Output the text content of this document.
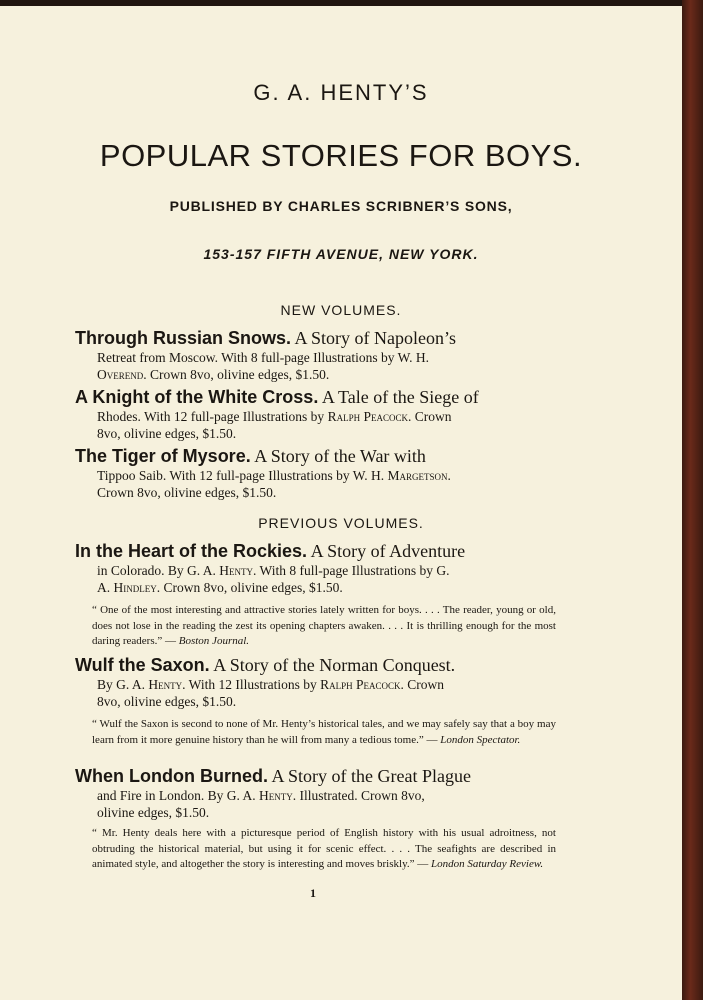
G. A. HENTY’S
POPULAR STORIES FOR BOYS.
PUBLISHED BY CHARLES SCRIBNER’S SONS,
153-157 FIFTH AVENUE, NEW YORK.
NEW VOLUMES.
Through Russian Snows. A Story of Napoleon’s
Retreat from Moscow. With 8 full-page Illustrations by W. H.
Overend. Crown 8vo, olivine edges, $1.50.
A Knight of the White Cross. A Tale of the Siege of
Rhodes. With 12 full-page Illustrations by Ralph Peacock. Crown
8vo, olivine edges, $1.50.
The Tiger of Mysore. A Story of the War with
Tippoo Saib. With 12 full-page Illustrations by W. H. Margetson.
Crown 8vo, olivine edges, $1.50.
PREVIOUS VOLUMES.
In the Heart of the Rockies. A Story of Adventure
in Colorado. By G. A. Henty. With 8 full-page Illustrations by G.
A. Hindley. Crown 8vo, olivine edges, $1.50.
“ One of the most interesting and attractive stories lately written for boys. . . . The reader, young or old, does not lose in the reading the zest its opening chapters awaken. . . . It is thrilling enough for the most daring readers.” — Boston Journal.
Wulf the Saxon. A Story of the Norman Conquest.
By G. A. Henty. With 12 Illustrations by Ralph Peacock. Crown
8vo, olivine edges, $1.50.
“ Wulf the Saxon is second to none of Mr. Henty’s historical tales, and we may safely say that a boy may learn from it more genuine history than he will from many a tedious tome.” — London Spectator.
When London Burned. A Story of the Great Plague
and Fire in London. By G. A. Henty. Illustrated. Crown 8vo,
olivine edges, $1.50.
“ Mr. Henty deals here with a picturesque period of English history with his usual adroitness, not obtruding the historical material, but using it for scenic effect. . . . The seafights are described in animated style, and altogether the story is interesting and moves briskly.” — London Saturday Review.
1
